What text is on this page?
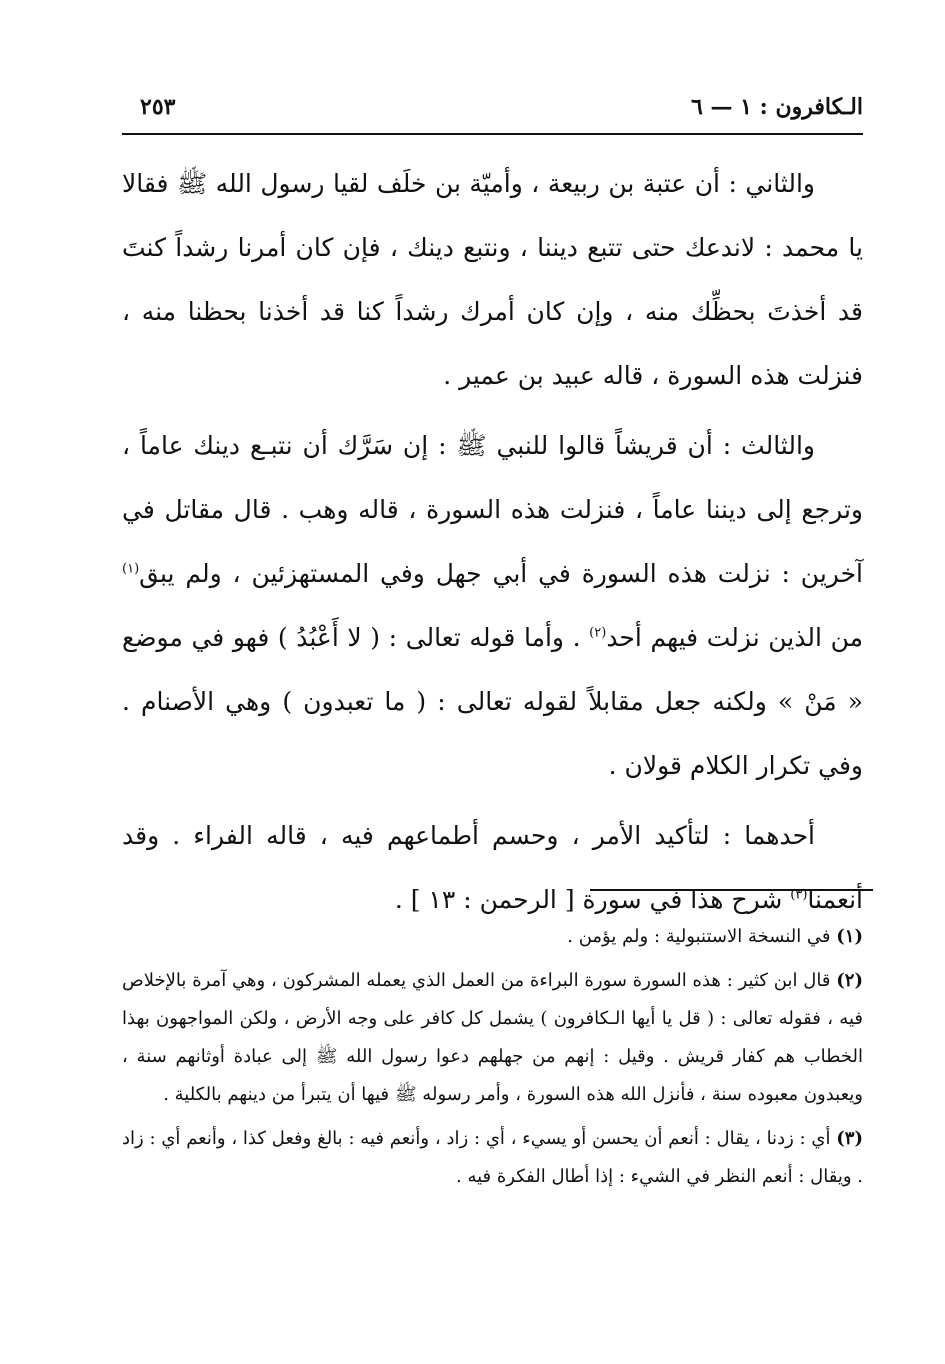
الـكافرون : ١ — ٦
٢٥٣

والثاني : أن عتبة بن ربيعة ، وأميّة بن خلَف لقيا رسول الله ﷺ فقالا يا محمد : لاندعك حتى تتبع ديننا ، ونتبع دينك ، فإن كان أمرنا رشداً كنتَ قد أخذتَ بحظِّك منه ، وإن كان أمرك رشداً كنا قد أخذنا بحظنا منه ، فنزلت هذه السورة ، قاله عبيد بن عمير .

والثالث : أن قريشاً قالوا للنبي ﷺ : إن سَرَّك أن نتبـع دينك عاماً ، وترجع إلى ديننا عاماً ، فنزلت هذه السورة ، قاله وهب . قال مقاتل في آخرين : نزلت هذه السورة في أبي جهل وفي المستهزئين ، ولم يبق$^{(١)}$ من الذين نزلت فيهم أحد$^{(٢)}$ . وأما قوله تعالى : ( لا أَعْبُدُ ) فهو في موضع « مَنْ » ولكنه جعل مقابلاً لقوله تعالى : ( ما تعبدون ) وهي الأصنام . وفي تكرار الكلام قولان .

أحدهما : لتأكيد الأمر ، وحسم أطماعهم فيه ، قاله الفراء . وقد أنعمنا$^{(٣)}$ شرح هذا في سورة [ الرحمن : ١٣ ] .

(١) في النسخة الاستنبولية : ولم يؤمن .

(٢) قال ابن كثير : هذه السورة سورة البراءة من العمل الذي يعمله المشركون ، وهي آمرة بالإخلاص فيه ، فقوله تعالى : ( قل يا أيها الـكافرون ) يشمل كل كافر على وجه الأرض ، ولكن المواجهون بهذا الخطاب هم كفار قريش . وقيل : إنهم من جهلهم دعوا رسول الله ﷺ إلى عبادة أوثانهم سنة ، ويعبدون معبوده سنة ، فأنزل الله هذه السورة ، وأمر رسوله ﷺ فيها أن يتبرأ من دينهم بالكلية .

(٣) أي : زدنا ، يقال : أنعم أن يحسن أو يسيء ، أي : زاد ، وأنعم فيه : بالغ وفعل كذا ، وأنعم أي : زاد . ويقال : أنعم النظر في الشيء : إذا أطال الفكرة فيه .
